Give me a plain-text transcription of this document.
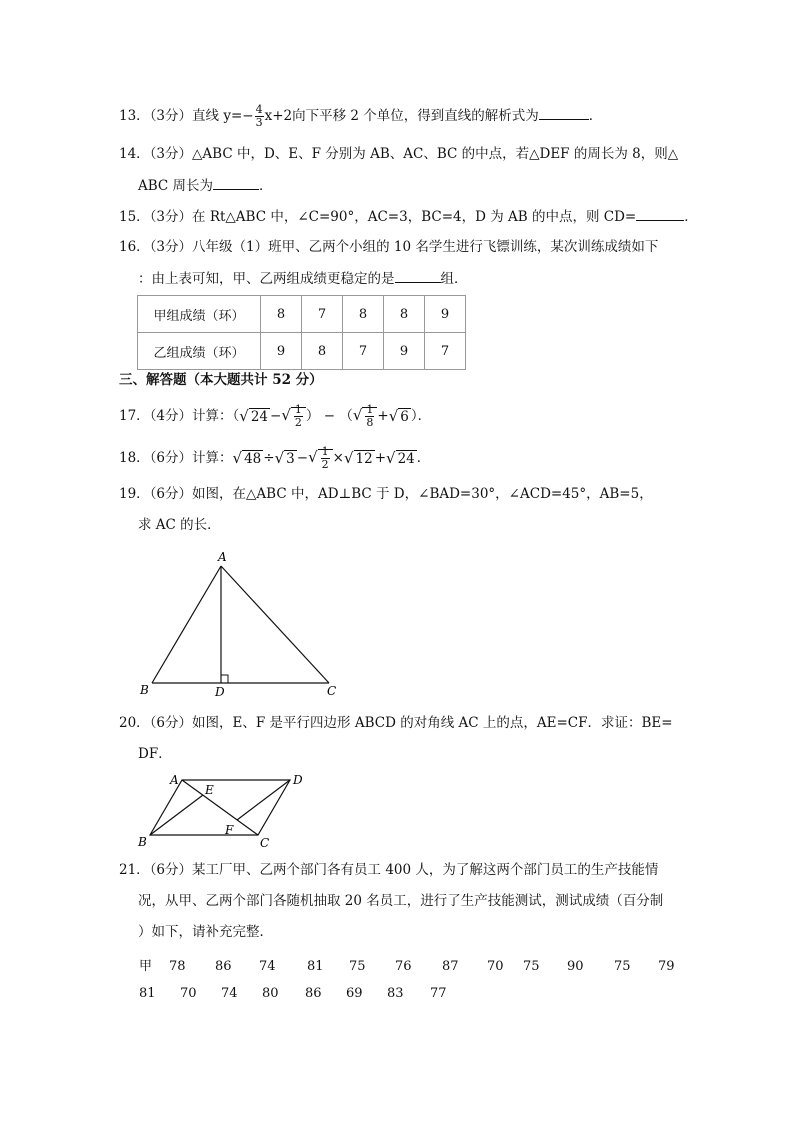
13．（3分）直线 $y=- \frac{4}{3} x+2$向下平移 2 个单位，得到直线的解析式为	．
14．（3分）△ABC 中，D、E、F 分别为 AB、AC、BC 的中点，若△DEF 的周长为 8，则△
ABC 周长为	．
15．（3分）在 Rt△ABC 中，∠C=90°，AC=3，BC=4，D 为 AB 的中点，则 CD=	．
16．（3分）八年级（1）班甲、乙两个小组的 10 名学生进行飞镖训练，某次训练成绩如下
：由上表可知，甲、乙两组成绩更稳定的是	组．
甲组成绩（环）	8	7	8	8	9
乙组成绩（环）	9	8	7	9	7
三、解答题（本大题共计 52 分）
17．（4分）计算：（√ 24 −√ $\frac{1}{2}$ ） − （√ $\frac{1}{8}$ +√ 6 ）．
18．（6分）计算：√ 48 ÷√ 3 −√ $\frac{1}{2}$ ×√ 12 +√ 24 ．
19．（6分）如图，在△ABC 中，AD⊥BC 于 D，∠BAD=30°，∠ACD=45°，AB=5，
求 AC 的长．
A
B	C
D
20．（6分）如图，E、F 是平行四边形 ABCD 的对角线 AC 上的点，AE=CF．求证：BE=
DF．
A	D
B	C
E
F
21．（6分）某工厂甲、乙两个部门各有员工 400 人，为了解这两个部门员工的生产技能情
况，从甲、乙两个部门各随机抽取 20 名员工，进行了生产技能测试，测试成绩（百分制
）如下，请补充完整．
甲 78 86 74 81 75 76 87 70 75 90 75 79
81 70 74 80 86 69 83 77
